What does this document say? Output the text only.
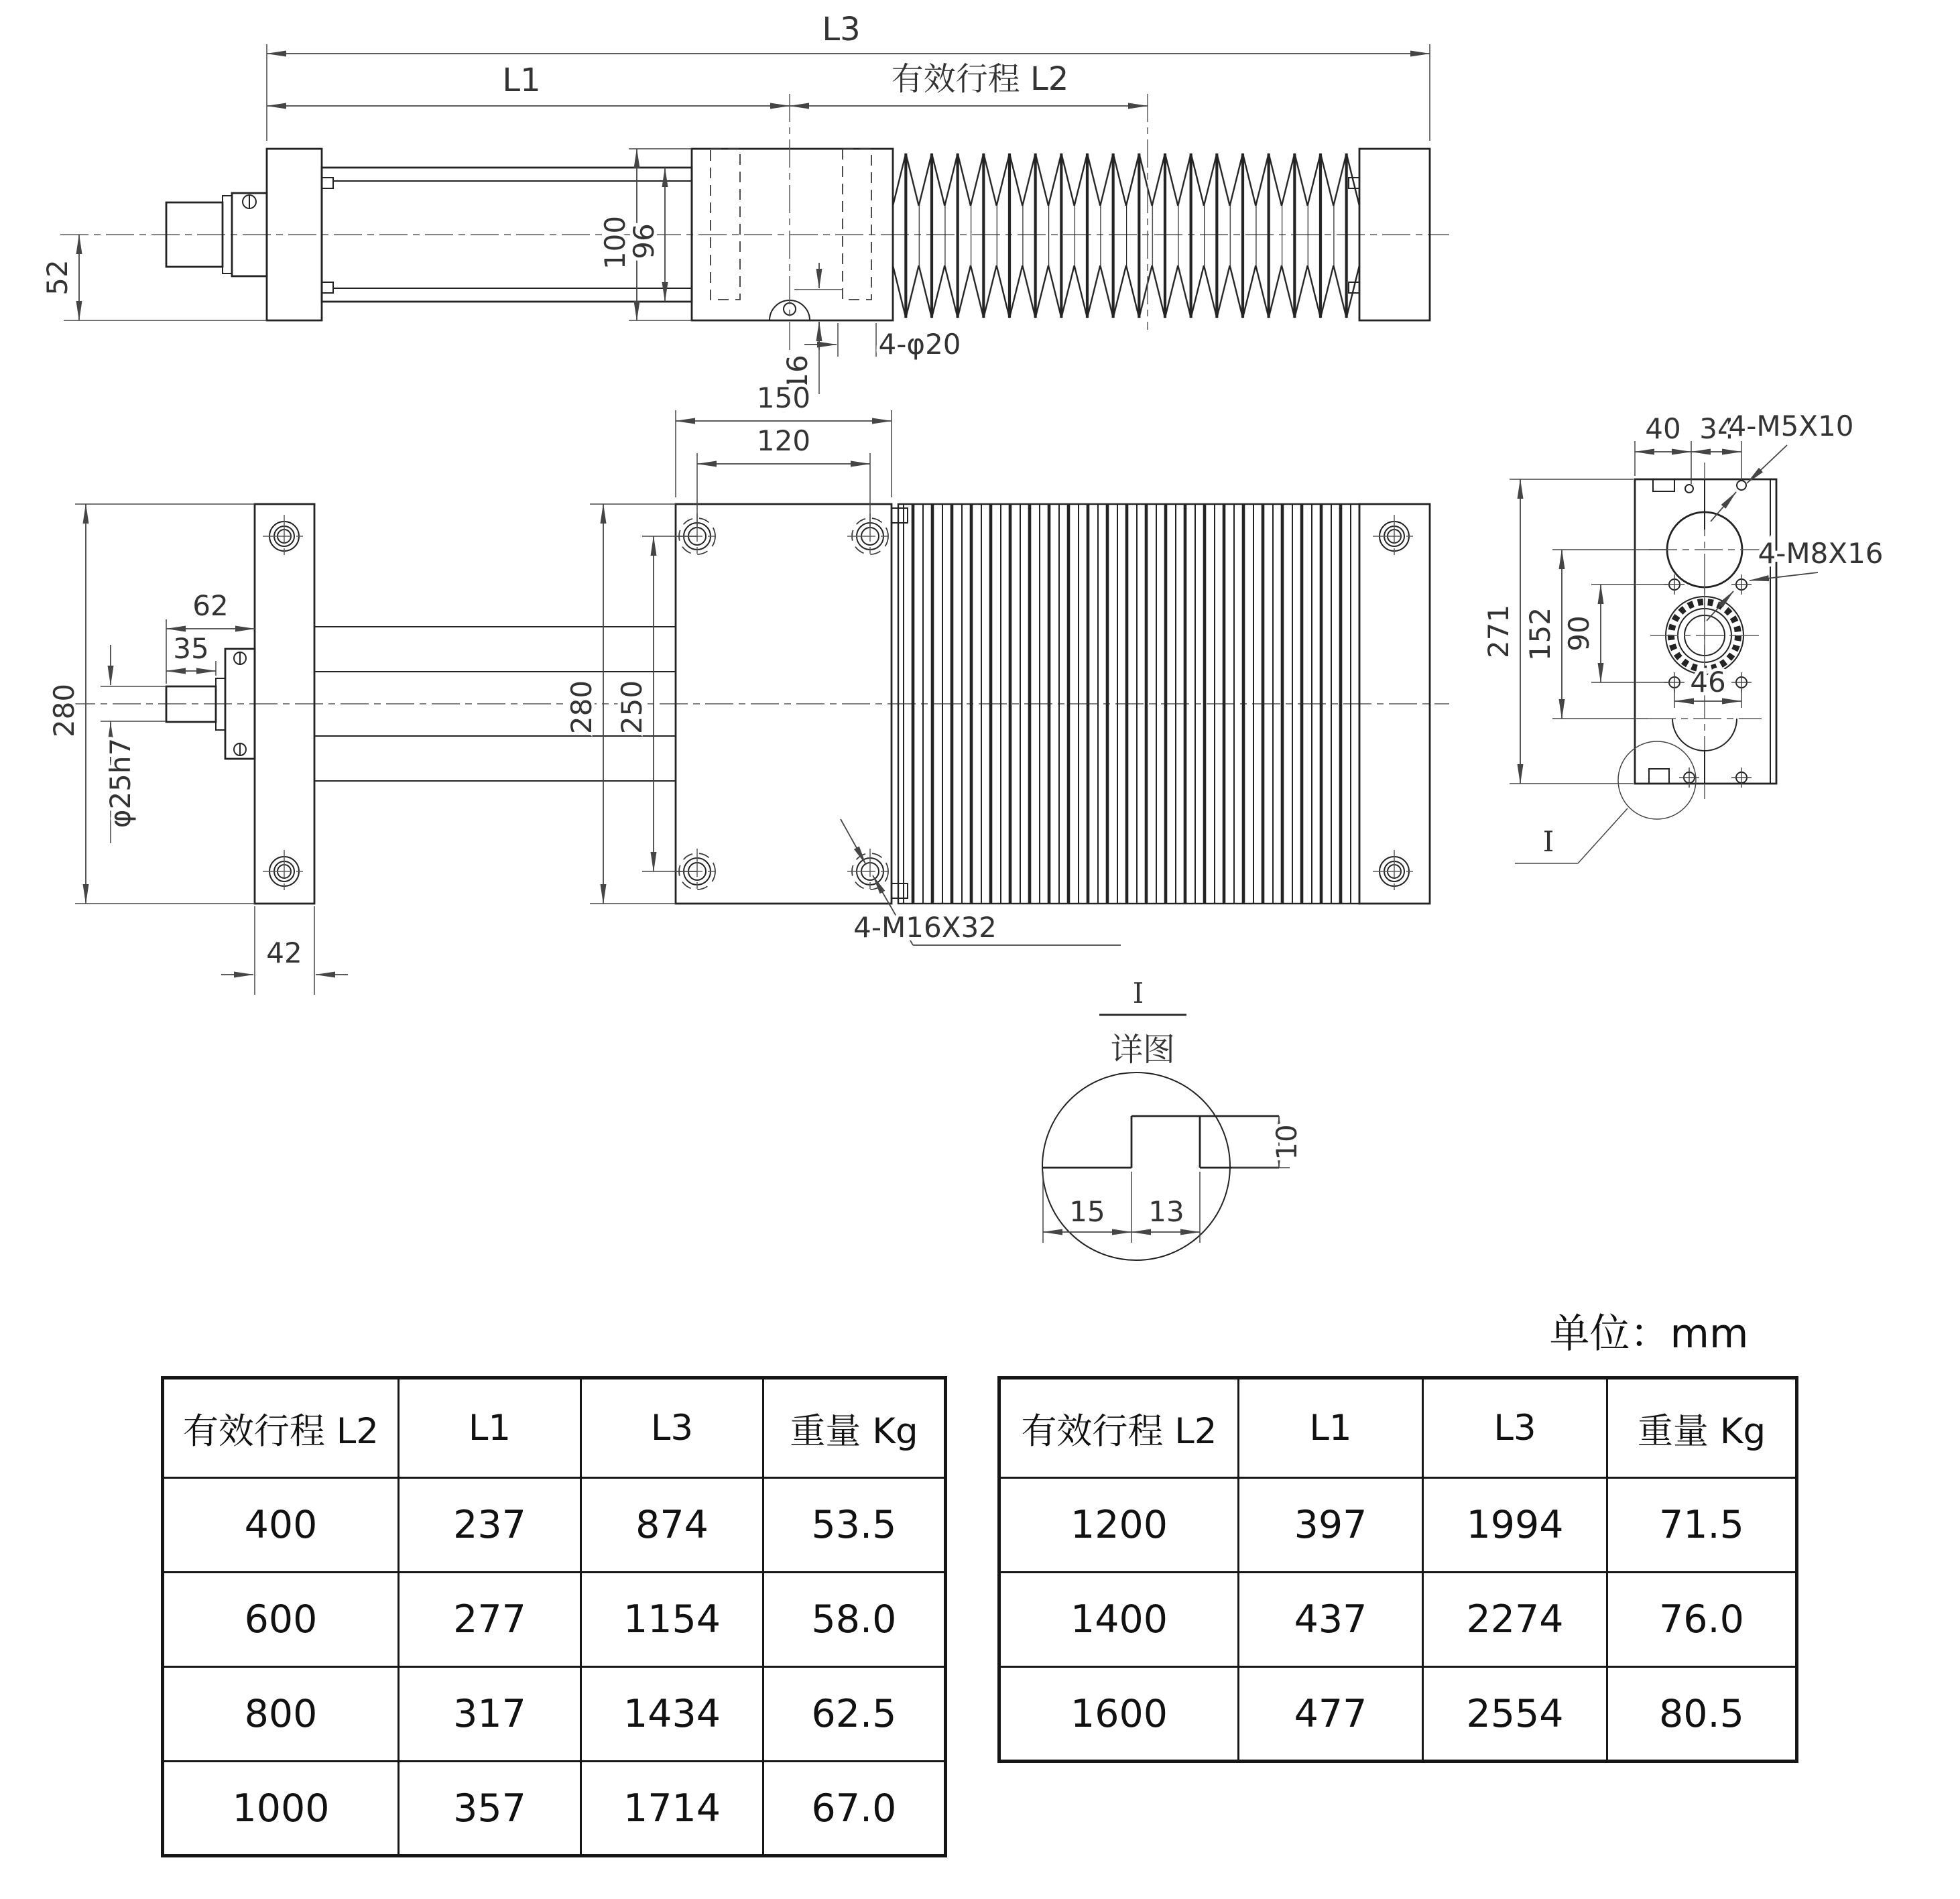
L3
L1	有效行程 L2
52
100
96
16
4-φ20
150
120
280
62
35
φ25h7
280 250
42
4-M16X32
40 34
4-M5X10
4-M8X16
271 152 90
46
I
I
详图
15 13
10
单位：mm
有效行程 L2	L1	L3	重量 Kg
400	237	874	53.5
600	277	1154	58.0
800	317	1434	62.5
1000	357	1714	67.0
有效行程 L2	L1	L3	重量 Kg
1200	397	1994	71.5
1400	437	2274	76.0
1600	477	2554	80.5
